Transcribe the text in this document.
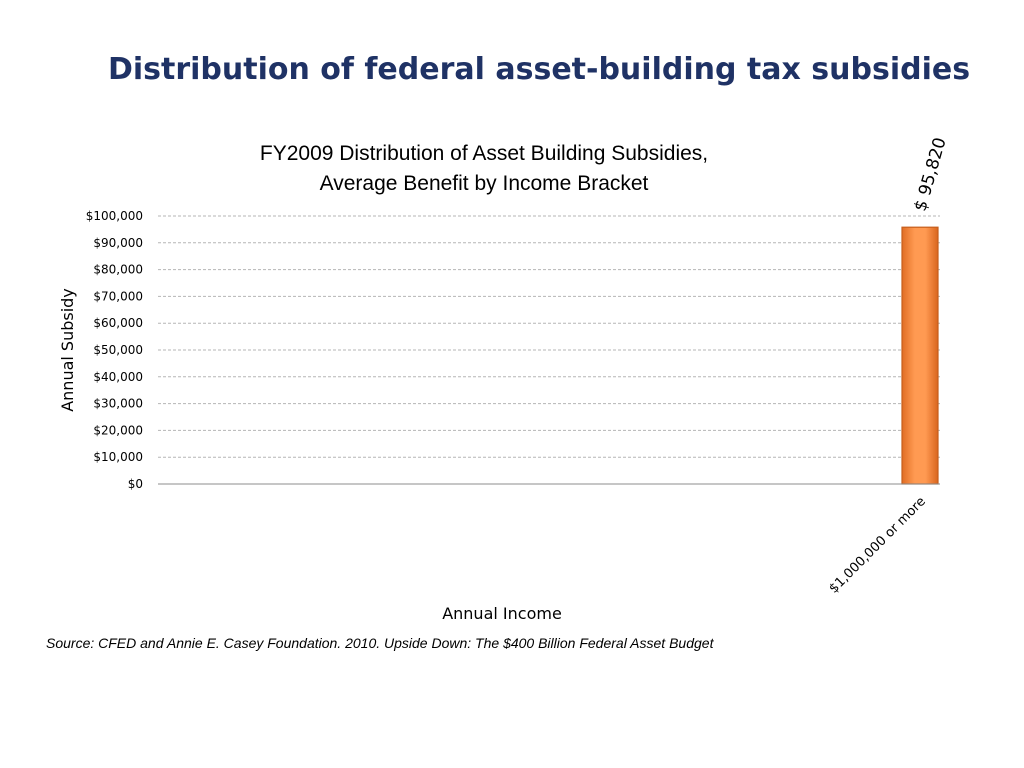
Distribution of federal asset-building tax subsidies
FY2009 Distribution of Asset Building Subsidies,
Average Benefit by Income Bracket
$0
$10,000
$20,000
$30,000
$40,000
$50,000
$60,000
$70,000
$80,000
$90,000
$100,000
$ 95,820
$1,000,000 or more
Annual Subsidy
Annual Income

Source: CFED and Annie E. Casey Foundation. 2010. Upside Down: The $400 Billion Federal Asset Budget
